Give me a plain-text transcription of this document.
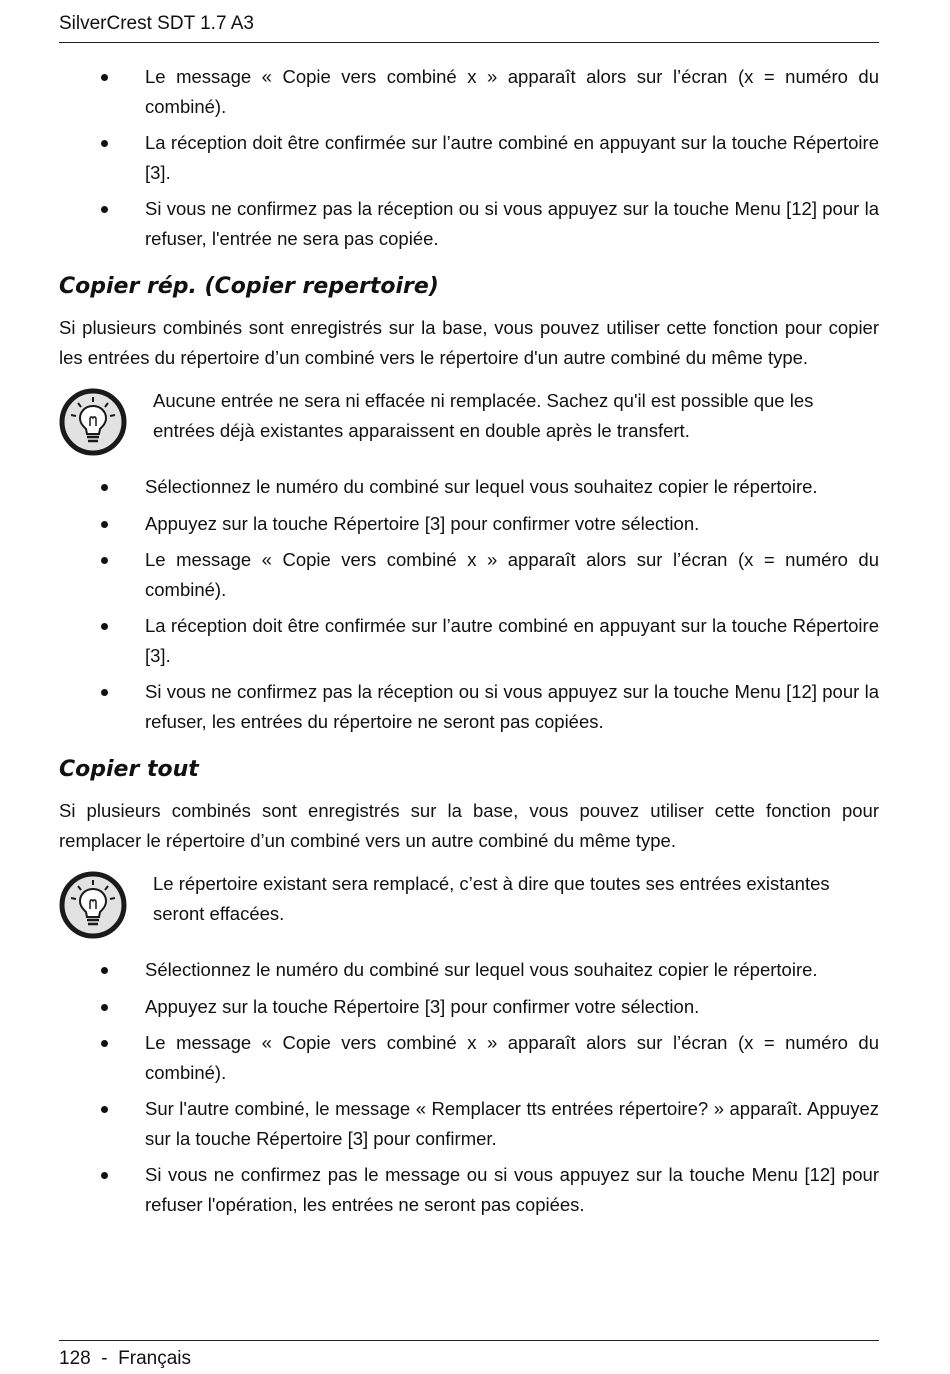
SilverCrest SDT 1.7 A3
Le message « Copie vers combiné x » apparaît alors sur l’écran (x = numéro du combiné).
La réception doit être confirmée sur l’autre combiné en appuyant sur la touche Répertoire [3].
Si vous ne confirmez pas la réception ou si vous appuyez sur la touche Menu [12] pour la refuser, l'entrée ne sera pas copiée.
Copier rép. (Copier repertoire)

Si plusieurs combinés sont enregistrés sur la base, vous pouvez utiliser cette fonction pour copier les entrées du répertoire d’un combiné vers le répertoire d'un autre combiné du même type.

Aucune entrée ne sera ni effacée ni remplacée. Sachez qu'il est possible que les entrées déjà existantes apparaissent en double après le transfert.
Sélectionnez le numéro du combiné sur lequel vous souhaitez copier le répertoire.
Appuyez sur la touche Répertoire [3] pour confirmer votre sélection.
Le message « Copie vers combiné x » apparaît alors sur l’écran (x = numéro du combiné).
La réception doit être confirmée sur l’autre combiné en appuyant sur la touche Répertoire [3].
Si vous ne confirmez pas la réception ou si vous appuyez sur la touche Menu [12] pour la refuser, les entrées du répertoire ne seront pas copiées.
Copier tout

Si plusieurs combinés sont enregistrés sur la base, vous pouvez utiliser cette fonction pour remplacer le répertoire d’un combiné vers un autre combiné du même type.

Le répertoire existant sera remplacé, c’est à dire que toutes ses entrées existantes seront effacées.
Sélectionnez le numéro du combiné sur lequel vous souhaitez copier le répertoire.
Appuyez sur la touche Répertoire [3] pour confirmer votre sélection.
Le message « Copie vers combiné x » apparaît alors sur l’écran (x = numéro du combiné).
Sur l'autre combiné, le message « Remplacer tts entrées répertoire? » apparaît. Appuyez sur la touche Répertoire [3] pour confirmer.
Si vous ne confirmez pas le message ou si vous appuyez sur la touche Menu [12] pour refuser l'opération, les entrées ne seront pas copiées.
128  -  Français
